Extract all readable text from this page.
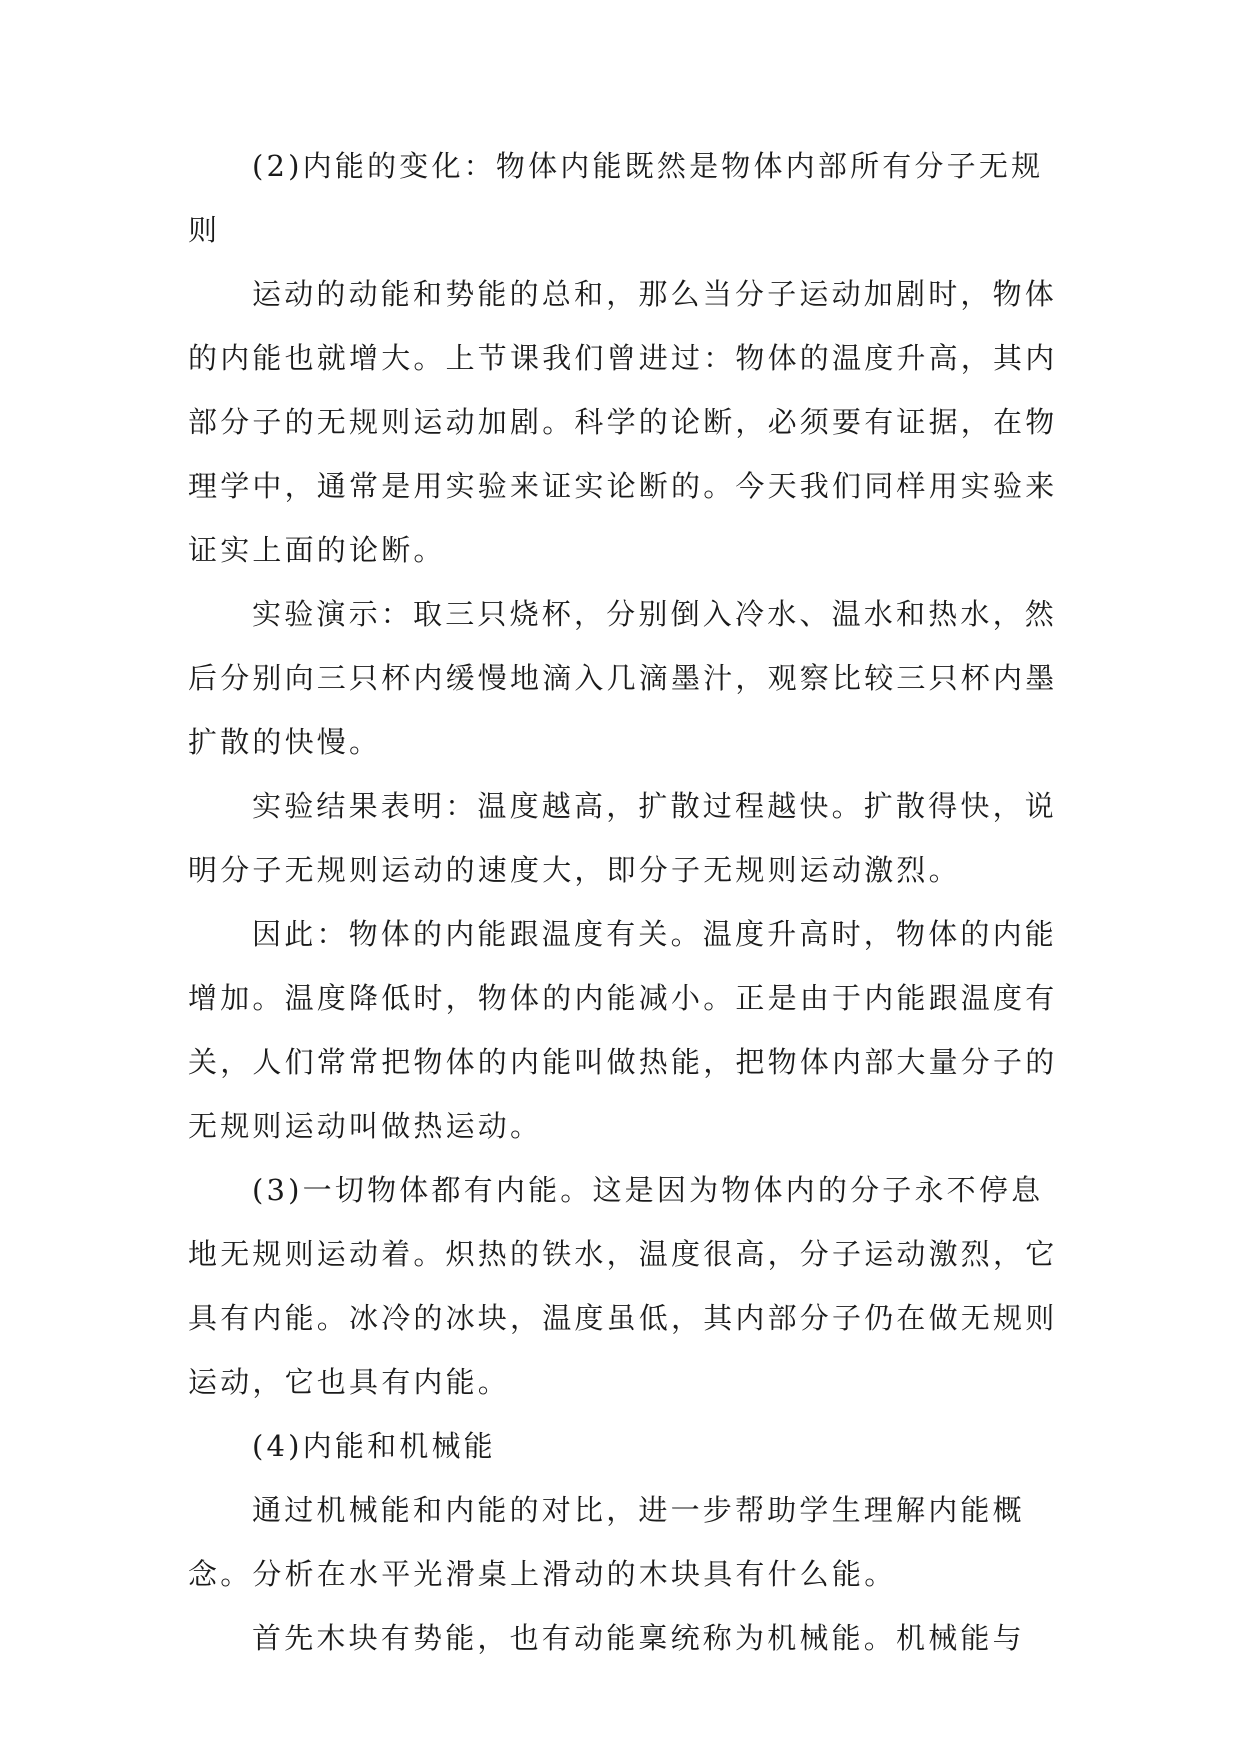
(2)内能的变化：物体内能既然是物体内部所有分子无规则

运动的动能和势能的总和，那么当分子运动加剧时，物体的内能也就增大。上节课我们曾进过：物体的温度升高，其内部分子的无规则运动加剧。科学的论断，必须要有证据，在物理学中，通常是用实验来证实论断的。今天我们同样用实验来证实上面的论断。

实验演示：取三只烧杯，分别倒入冷水、温水和热水，然后分别向三只杯内缓慢地滴入几滴墨汁，观察比较三只杯内墨扩散的快慢。

实验结果表明：温度越高，扩散过程越快。扩散得快，说明分子无规则运动的速度大，即分子无规则运动激烈。

因此：物体的内能跟温度有关。温度升高时，物体的内能增加。温度降低时，物体的内能减小。正是由于内能跟温度有关，人们常常把物体的内能叫做热能，把物体内部大量分子的无规则运动叫做热运动。

(3)一切物体都有内能。这是因为物体内的分子永不停息地无规则运动着。炽热的铁水，温度很高，分子运动激烈，它具有内能。冰冷的冰块，温度虽低，其内部分子仍在做无规则运动，它也具有内能。

(4)内能和机械能

通过机械能和内能的对比，进一步帮助学生理解内能概念。分析在水平光滑桌上滑动的木块具有什么能。

首先木块有势能，也有动能稟统称为机械能。机械能与
